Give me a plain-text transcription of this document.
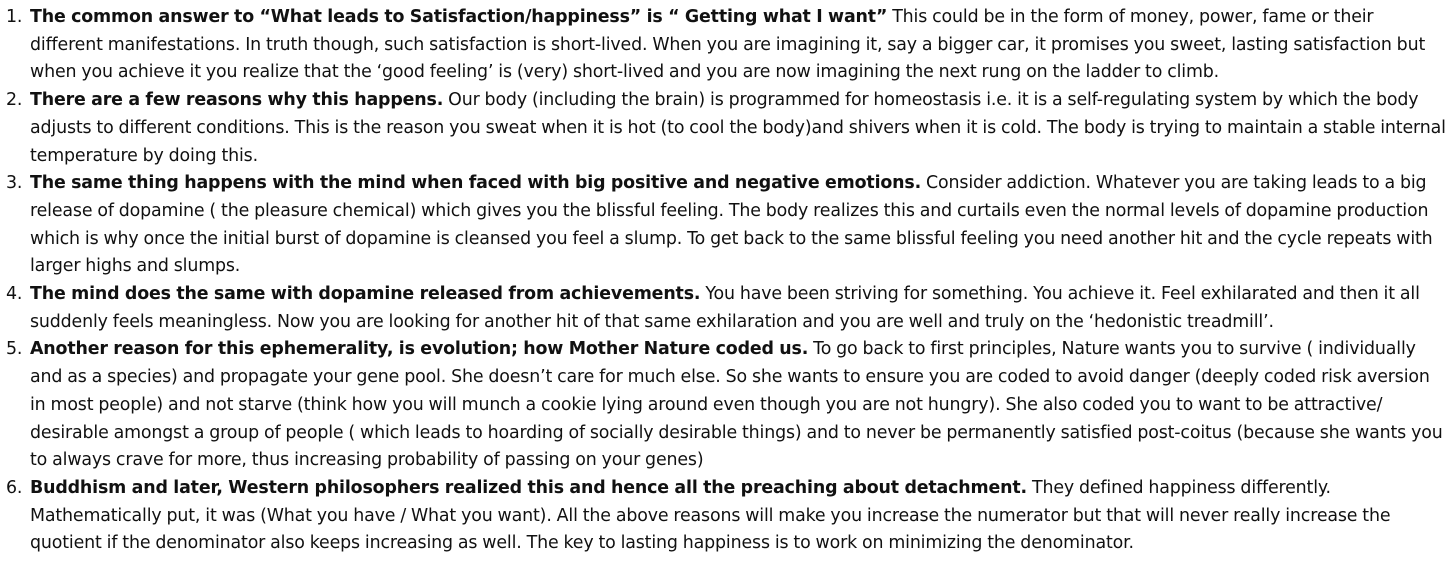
1. The common answer to “What leads to Satisfaction/happiness” is “ Getting what I want” This could be in the form of money, power, fame or their different manifestations. In truth though, such satisfaction is short-lived. When you are imagining it, say a bigger car, it promises you sweet, lasting satisfaction but when you achieve it you realize that the ‘good feeling’ is (very) short-lived and you are now imagining the next rung on the ladder to climb.
2. There are a few reasons why this happens. Our body (including the brain) is programmed for homeostasis i.e. it is a self-regulating system by which the body adjusts to different conditions. This is the reason you sweat when it is hot (to cool the body)and shivers when it is cold. The body is trying to maintain a stable internal temperature by doing this.
3. The same thing happens with the mind when faced with big positive and negative emotions. Consider addiction. Whatever you are taking leads to a big release of dopamine ( the pleasure chemical) which gives you the blissful feeling. The body realizes this and curtails even the normal levels of dopamine production which is why once the initial burst of dopamine is cleansed you feel a slump. To get back to the same blissful feeling you need another hit and the cycle repeats with larger highs and slumps.
4. The mind does the same with dopamine released from achievements. You have been striving for something. You achieve it. Feel exhilarated and then it all suddenly feels meaningless. Now you are looking for another hit of that same exhilaration and you are well and truly on the ‘hedonistic treadmill’.
5. Another reason for this ephemerality, is evolution; how Mother Nature coded us. To go back to first principles, Nature wants you to survive ( individually and as a species) and propagate your gene pool. She doesn’t care for much else. So she wants to ensure you are coded to avoid danger (deeply coded risk aversion in most people) and not starve (think how you will munch a cookie lying around even though you are not hungry). She also coded you to want to be attractive/ desirable amongst a group of people ( which leads to hoarding of socially desirable things) and to never be permanently satisfied post-coitus (because she wants you to always crave for more, thus increasing probability of passing on your genes)
6. Buddhism and later, Western philosophers realized this and hence all the preaching about detachment. They defined happiness differently. Mathematically put, it was (What you have / What you want). All the above reasons will make you increase the numerator but that will never really increase the quotient if the denominator also keeps increasing as well. The key to lasting happiness is to work on minimizing the denominator.
